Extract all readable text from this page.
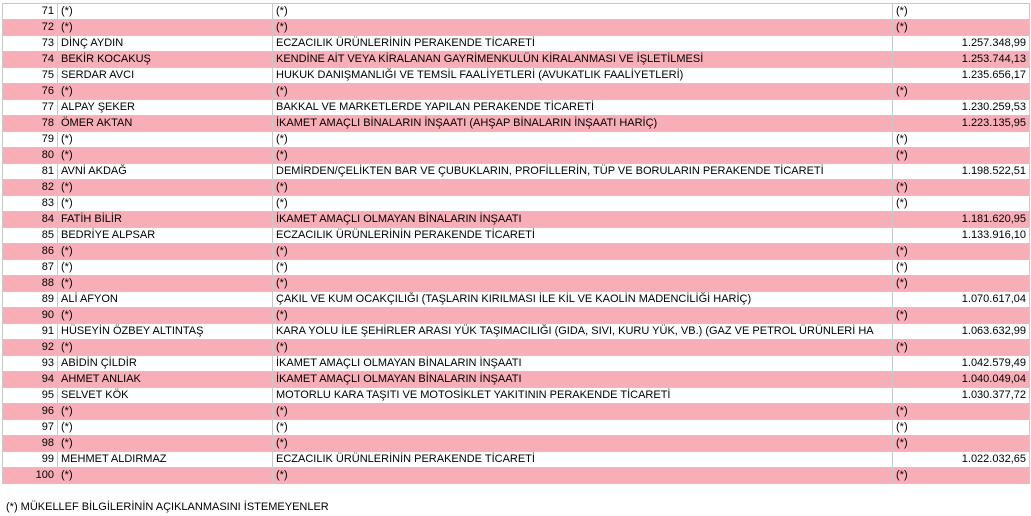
71	(*)	(*)	(*)
72	(*)	(*)	(*)
73	DİNÇ AYDIN	ECZACILIK ÜRÜNLERİNİN PERAKENDE TİCARETİ	1.257.348,99
74	BEKİR KOCAKUŞ	KENDİNE AİT VEYA KİRALANAN GAYRİMENKULÜN KİRALANMASI VE İŞLETİLMESİ	1.253.744,13
75	SERDAR AVCI	HUKUK DANIŞMANLIĞI VE TEMSİL FAALİYETLERİ (AVUKATLIK FAALİYETLERİ)	1.235.656,17
76	(*)	(*)	(*)
77	ALPAY ŞEKER	BAKKAL VE MARKETLERDE YAPILAN PERAKENDE TİCARETİ	1.230.259,53
78	ÖMER AKTAN	İKAMET AMAÇLI BİNALARIN İNŞAATI (AHŞAP BİNALARIN İNŞAATI HARİÇ)	1.223.135,95
79	(*)	(*)	(*)
80	(*)	(*)	(*)
81	AVNİ AKDAĞ	DEMİRDEN/ÇELİKTEN BAR VE ÇUBUKLARIN, PROFİLLERİN, TÜP VE BORULARIN PERAKENDE TİCARETİ	1.198.522,51
82	(*)	(*)	(*)
83	(*)	(*)	(*)
84	FATİH BİLİR	İKAMET AMAÇLI OLMAYAN BİNALARIN İNŞAATI	1.181.620,95
85	BEDRİYE ALPSAR	ECZACILIK ÜRÜNLERİNİN PERAKENDE TİCARETİ	1.133.916,10
86	(*)	(*)	(*)
87	(*)	(*)	(*)
88	(*)	(*)	(*)
89	ALİ AFYON	ÇAKIL VE KUM OCAKÇILIĞI (TAŞLARIN KIRILMASI İLE KİL VE KAOLİN MADENCİLİĞİ HARİÇ)	1.070.617,04
90	(*)	(*)	(*)
91	HÜSEYİN ÖZBEY ALTINTAŞ	KARA YOLU İLE ŞEHİRLER ARASI YÜK TAŞIMACILIĞI (GIDA, SIVI, KURU YÜK, VB.) (GAZ VE PETROL ÜRÜNLERİ HA	1.063.632,99
92	(*)	(*)	(*)
93	ABİDİN ÇİLDİR	İKAMET AMAÇLI OLMAYAN BİNALARIN İNŞAATI	1.042.579,49
94	AHMET ANLIAK	İKAMET AMAÇLI OLMAYAN BİNALARIN İNŞAATI	1.040.049,04
95	SELVET KÖK	MOTORLU KARA TAŞITI VE MOTOSİKLET YAKITININ PERAKENDE TİCARETİ	1.030.377,72
96	(*)	(*)	(*)
97	(*)	(*)	(*)
98	(*)	(*)	(*)
99	MEHMET ALDIRMAZ	ECZACILIK ÜRÜNLERİNİN PERAKENDE TİCARETİ	1.022.032,65
100	(*)	(*)	(*)
(*) MÜKELLEF BİLGİLERİNİN AÇIKLANMASINI İSTEMEYENLER
